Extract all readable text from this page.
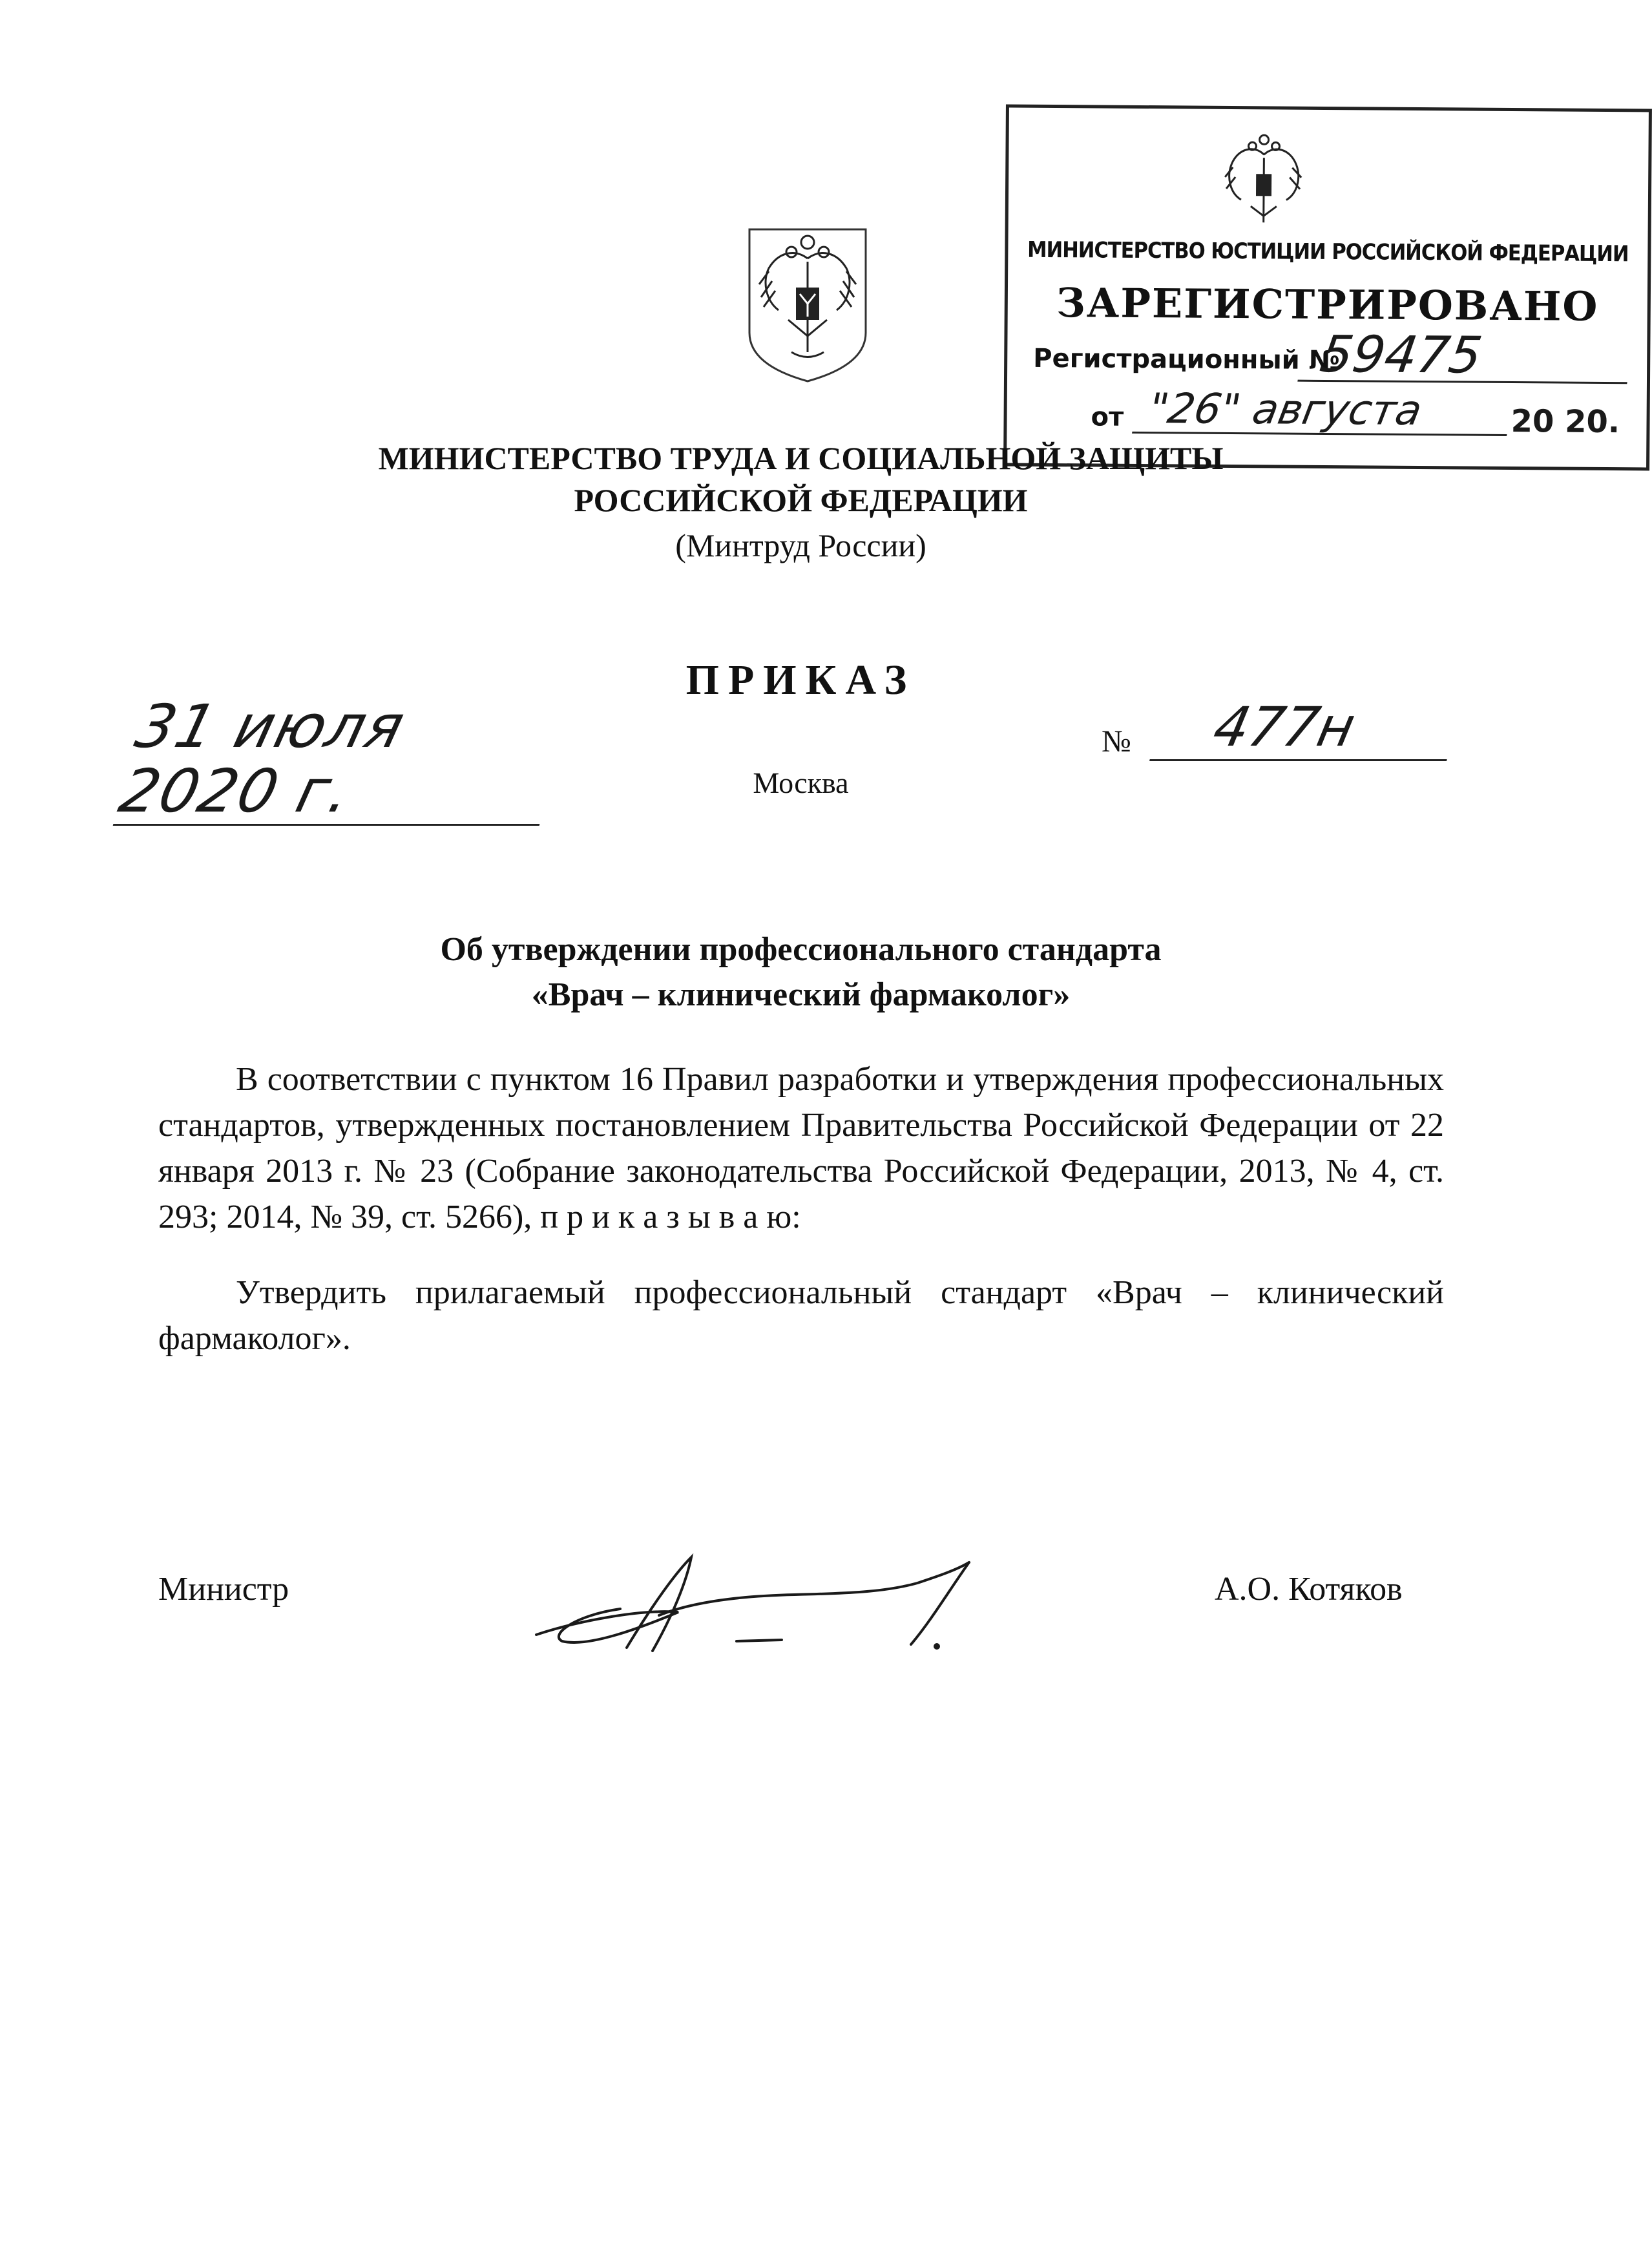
МИНИСТЕРСТВО ЮСТИЦИИ РОССИЙСКОЙ ФЕДЕРАЦИИ
ЗАРЕГИСТРИРОВАНО
Регистрационный №
59475
от "26" августа	20 20.
МИНИСТЕРСТВО ТРУДА И СОЦИАЛЬНОЙ ЗАЩИТЫ
РОССИЙСКОЙ ФЕДЕРАЦИИ
(Минтруд России)
ПРИКАЗ
31 июля 2020 г.
№	477н
Москва
Об утверждении профессионального стандарта
«Врач – клинический фармаколог»
В соответствии с пунктом 16 Правил разработки и утверждения профессиональных стандартов, утвержденных постановлением Правительства Российской Федерации от 22 января 2013 г. № 23 (Собрание законодательства Российской Федерации, 2013, № 4, ст. 293; 2014, № 39, ст. 5266), п р и к а з ы в а ю:
Утвердить прилагаемый профессиональный стандарт «Врач – клинический фармаколог».
Министр	А.О. Котяков
